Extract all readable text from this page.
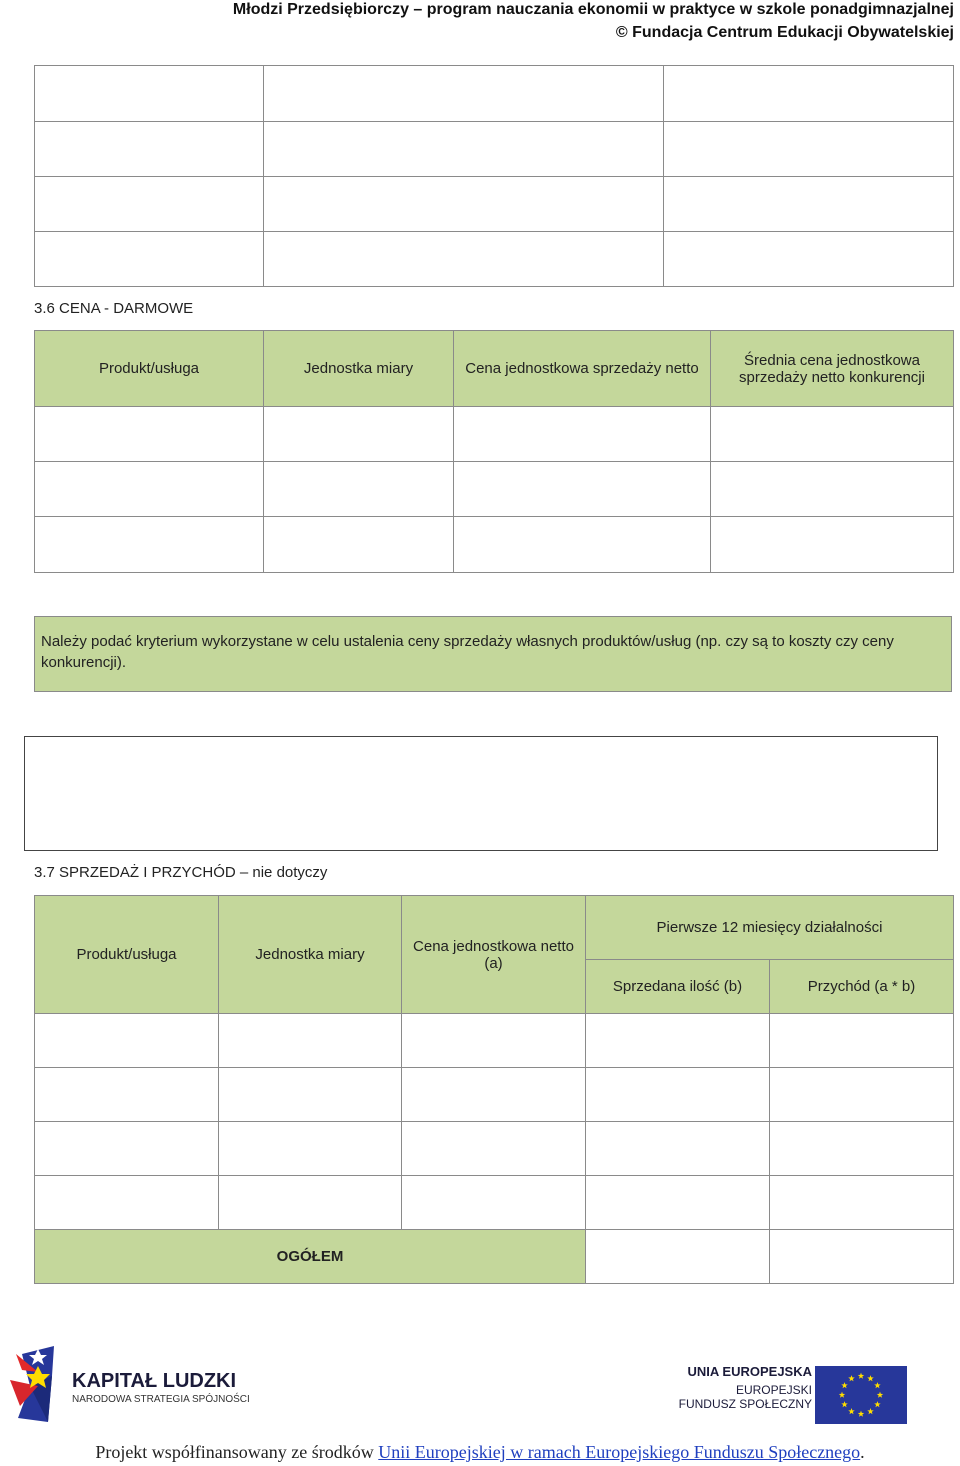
Młodzi Przedsiębiorczy – program nauczania ekonomii w praktyce w szkole ponadgimnazjalnej
© Fundacja Centrum Edukacji Obywatelskiej

3.6 CENA - DARMOWE
Produkt/usługa	Jednostka miary	Cena jednostkowa sprzedaży netto	Średnia cena jednostkowa sprzedaży netto konkurencji

Należy podać kryterium wykorzystane w celu ustalenia ceny sprzedaży własnych produktów/usług (np. czy są to koszty czy ceny konkurencji).
3.7 SPRZEDAŻ I PRZYCHÓD – nie dotyczy
Produkt/usługa	Jednostka miary	Cena jednostkowa netto (a)	Pierwsze 12 miesięcy działalności	
			Sprzedana ilość (b)	Przychód (a * b)

OGÓŁEM				
KAPITAŁ LUDZKI
NARODOWA STRATEGIA SPÓJNOŚCI
UNIA EUROPEJSKA
EUROPEJSKI
FUNDUSZ SPOŁECZNY
Projekt współfinansowany ze środków Unii Europejskiej w ramach Europejskiego Funduszu Społecznego.
